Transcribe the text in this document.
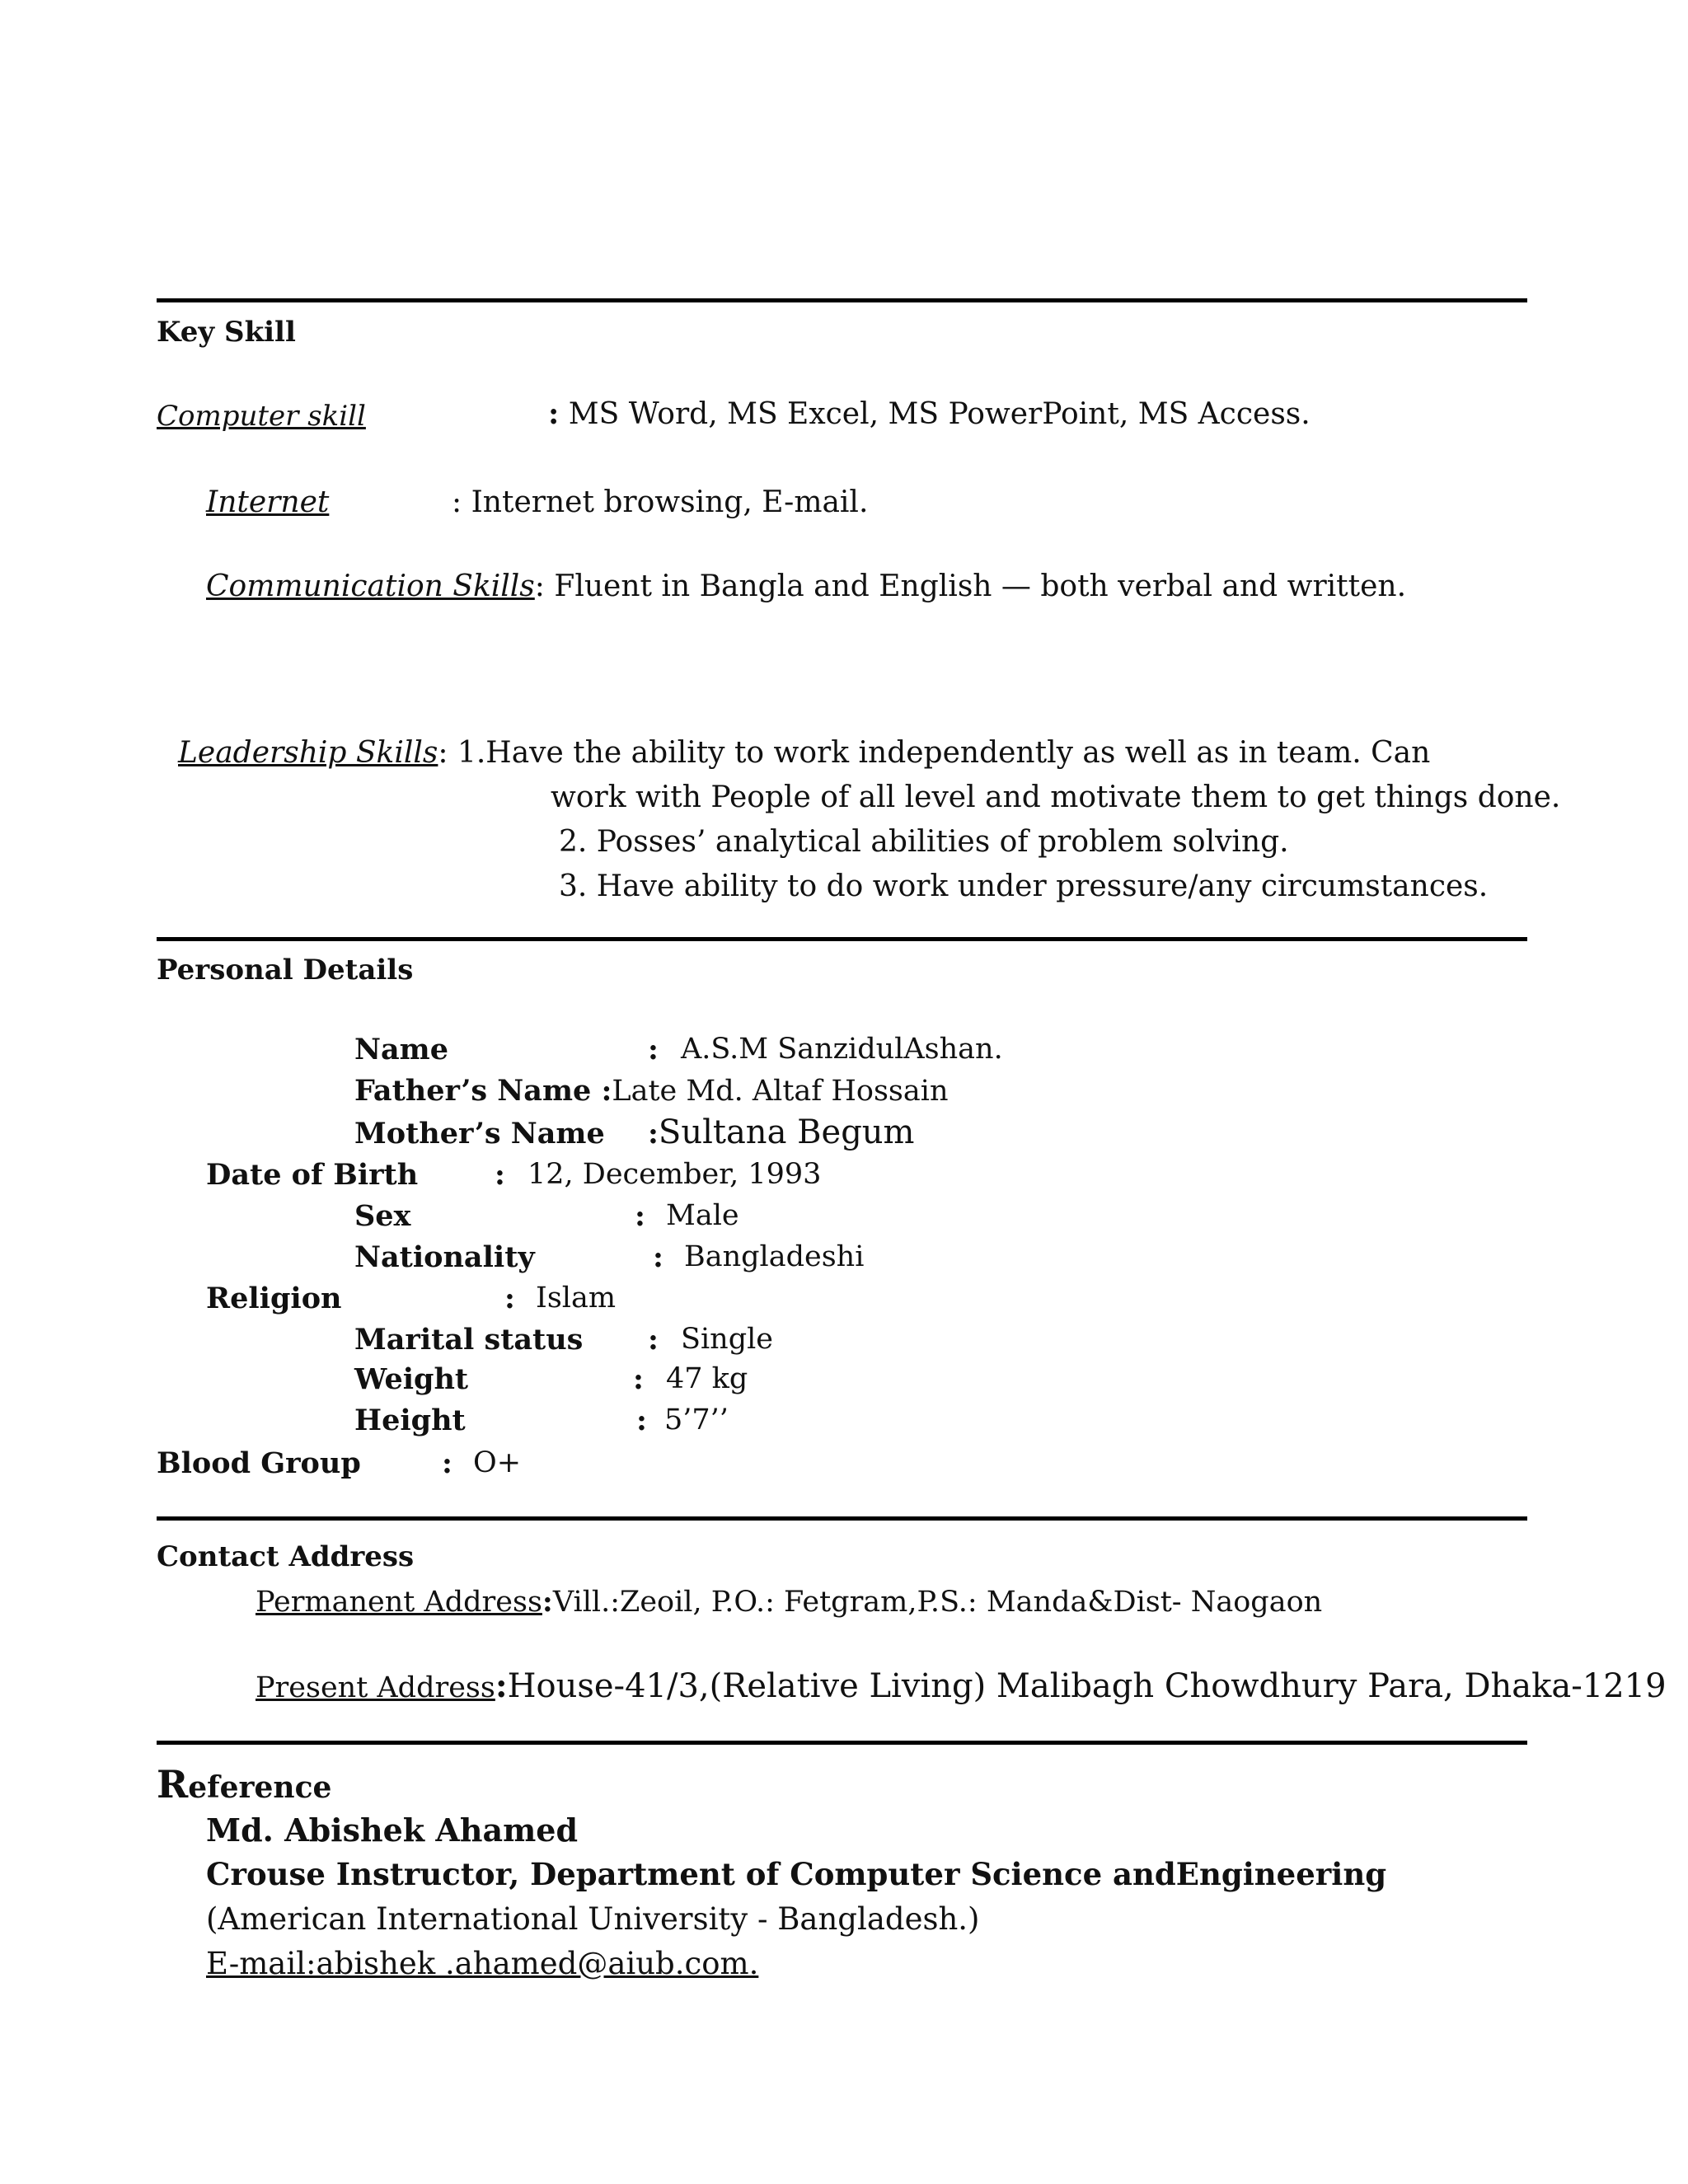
Key Skill
Computer skill	: MS Word, MS Excel, MS PowerPoint, MS Access.
Internet	: Internet browsing, E-mail.
Communication Skills: Fluent in Bangla and English — both verbal and written.
Leadership Skills: 1.Have the ability to work independently as well as in team. Can
work with People of all level and motivate them to get things done.
2. Posses’ analytical abilities of problem solving.
3. Have ability to do work under pressure/any circumstances.
Personal Details
Name	: A.S.M SanzidulAshan.
Father’s Name :Late Md. Altaf Hossain
Mother’s Name :Sultana Begum
Date of Birth	: 12, December, 1993
Sex	: Male
Nationality	: Bangladeshi
Religion	: Islam
Marital status : Single
Weight	: 47 kg
Height	: 5’7’’
Blood Group	: O+
Contact Address
Permanent Address:Vill.:Zeoil, P.O.: Fetgram,P.S.: Manda&Dist- Naogaon
Present Address:House-41/3,(Relative Living) Malibagh Chowdhury Para, Dhaka-1219
Reference
Md. Abishek Ahamed
Crouse Instructor, Department of Computer Science andEngineering
(American International University - Bangladesh.)
E-mail:abishek .ahamed@aiub.com.
